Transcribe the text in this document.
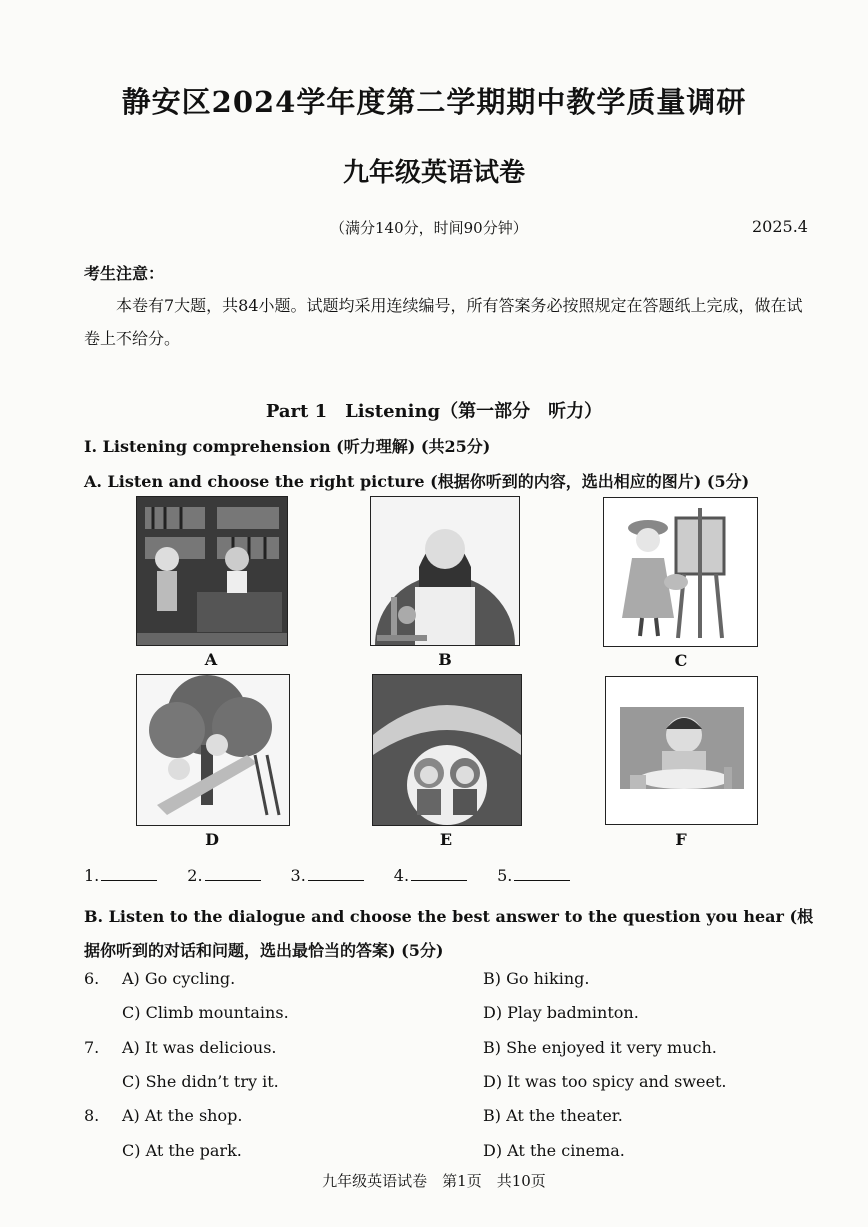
静安区2024学年度第二学期期中教学质量调研
九年级英语试卷
（满分140分，时间90分钟）	2025.4
考生注意：
本卷有7大题，共84小题。试题均采用连续编号，所有答案务必按照规定在答题纸上完成，做在试卷上不给分。
Part 1　Listening（第一部分　听力）
I. Listening comprehension (听力理解) (共25分)
A. Listen and choose the right picture (根据你听到的内容，选出相应的图片) (5分)
A	B	C
D	E	F
1.	2.	3.	4.	5.
B. Listen to the dialogue and choose the best answer to the question you hear (根据你听到的对话和问题，选出最恰当的答案) (5分)
6. A) Go cycling.	B) Go hiking.
C) Climb mountains.	D) Play badminton.
7. A) It was delicious.	B) She enjoyed it very much.
C) She didn’t try it.	D) It was too spicy and sweet.
8. A) At the shop.	B) At the theater.
C) At the park.	D) At the cinema.
九年级英语试卷　第1页　共10页
